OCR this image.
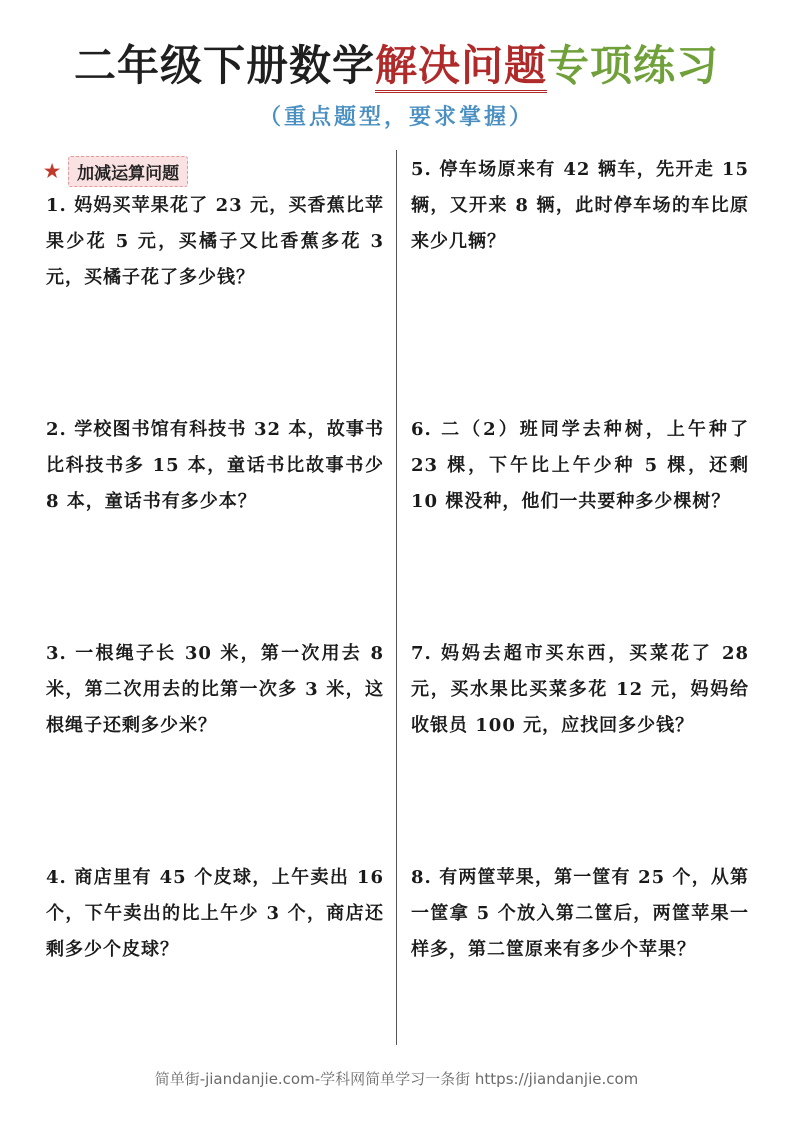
二年级下册数学解决问题专项练习
（重点题型，要求掌握）
★	加减运算问题
1. 妈妈买苹果花了 23 元，买香蕉比苹果少花 5 元，买橘子又比香蕉多花 3 元，买橘子花了多少钱？
2. 学校图书馆有科技书 32 本，故事书比科技书多 15 本，童话书比故事书少 8 本，童话书有多少本？
3. 一根绳子长 30 米，第一次用去 8 米，第二次用去的比第一次多 3 米，这根绳子还剩多少米？
4. 商店里有 45 个皮球，上午卖出 16 个，下午卖出的比上午少 3 个，商店还剩多少个皮球？
5. 停车场原来有 42 辆车，先开走 15 辆，又开来 8 辆，此时停车场的车比原来少几辆？
6. 二（2）班同学去种树，上午种了 23 棵，下午比上午少种 5 棵，还剩 10 棵没种，他们一共要种多少棵树？
7. 妈妈去超市买东西，买菜花了 28 元，买水果比买菜多花 12 元，妈妈给收银员 100 元，应找回多少钱？
8. 有两筐苹果，第一筐有 25 个，从第一筐拿 5 个放入第二筐后，两筐苹果一样多，第二筐原来有多少个苹果？
简单街-jiandanjie.com-学科网简单学习一条街 https://jiandanjie.com
